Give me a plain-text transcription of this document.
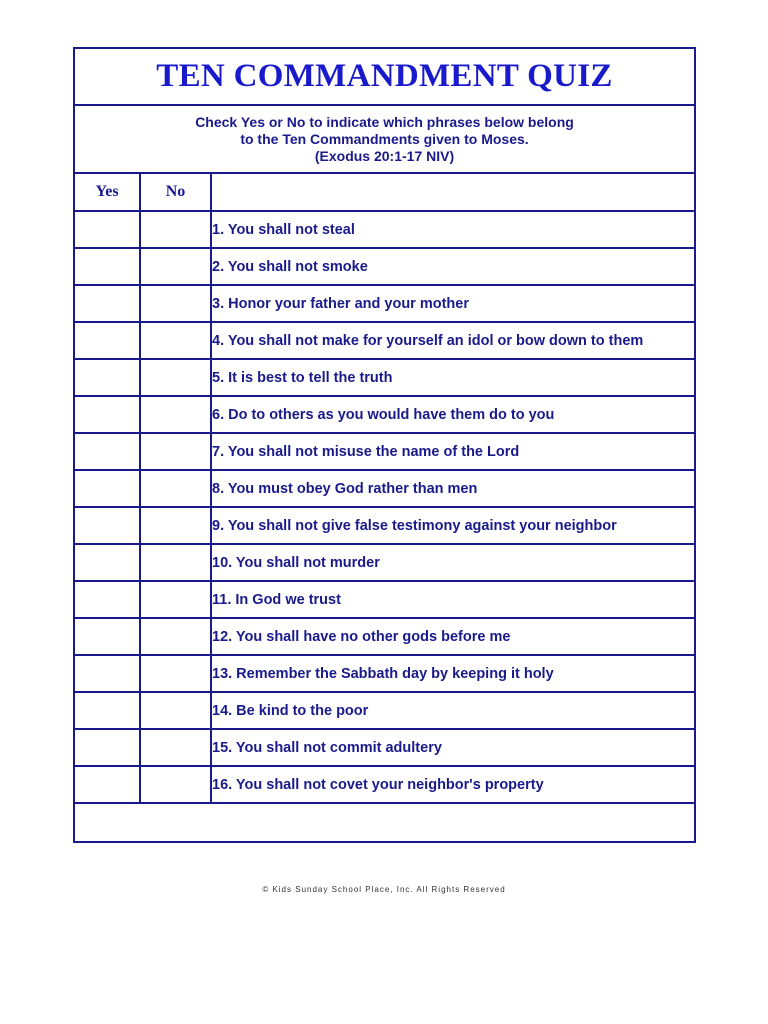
TEN COMMANDMENT QUIZ
Check Yes or No to indicate which phrases below belong
to the Ten Commandments given to Moses.
(Exodus 20:1-17 NIV)
Yes	No	
		1. You shall not steal
		2. You shall not smoke
		3. Honor your father and your mother
		4. You shall not make for yourself an idol or bow down to them
		5. It is best to tell the truth
		6. Do to others as you would have them do to you
		7. You shall not misuse the name of the Lord
		8. You must obey God rather than men
		9. You shall not give false testimony against your neighbor
		10. You shall not murder
		11. In God we trust
		12. You shall have no other gods before me
		13. Remember the Sabbath day by keeping it holy
		14. Be kind to the poor
		15. You shall not commit adultery
		16. You shall not covet your neighbor's property

© Kids Sunday School Place, Inc. All Rights Reserved
